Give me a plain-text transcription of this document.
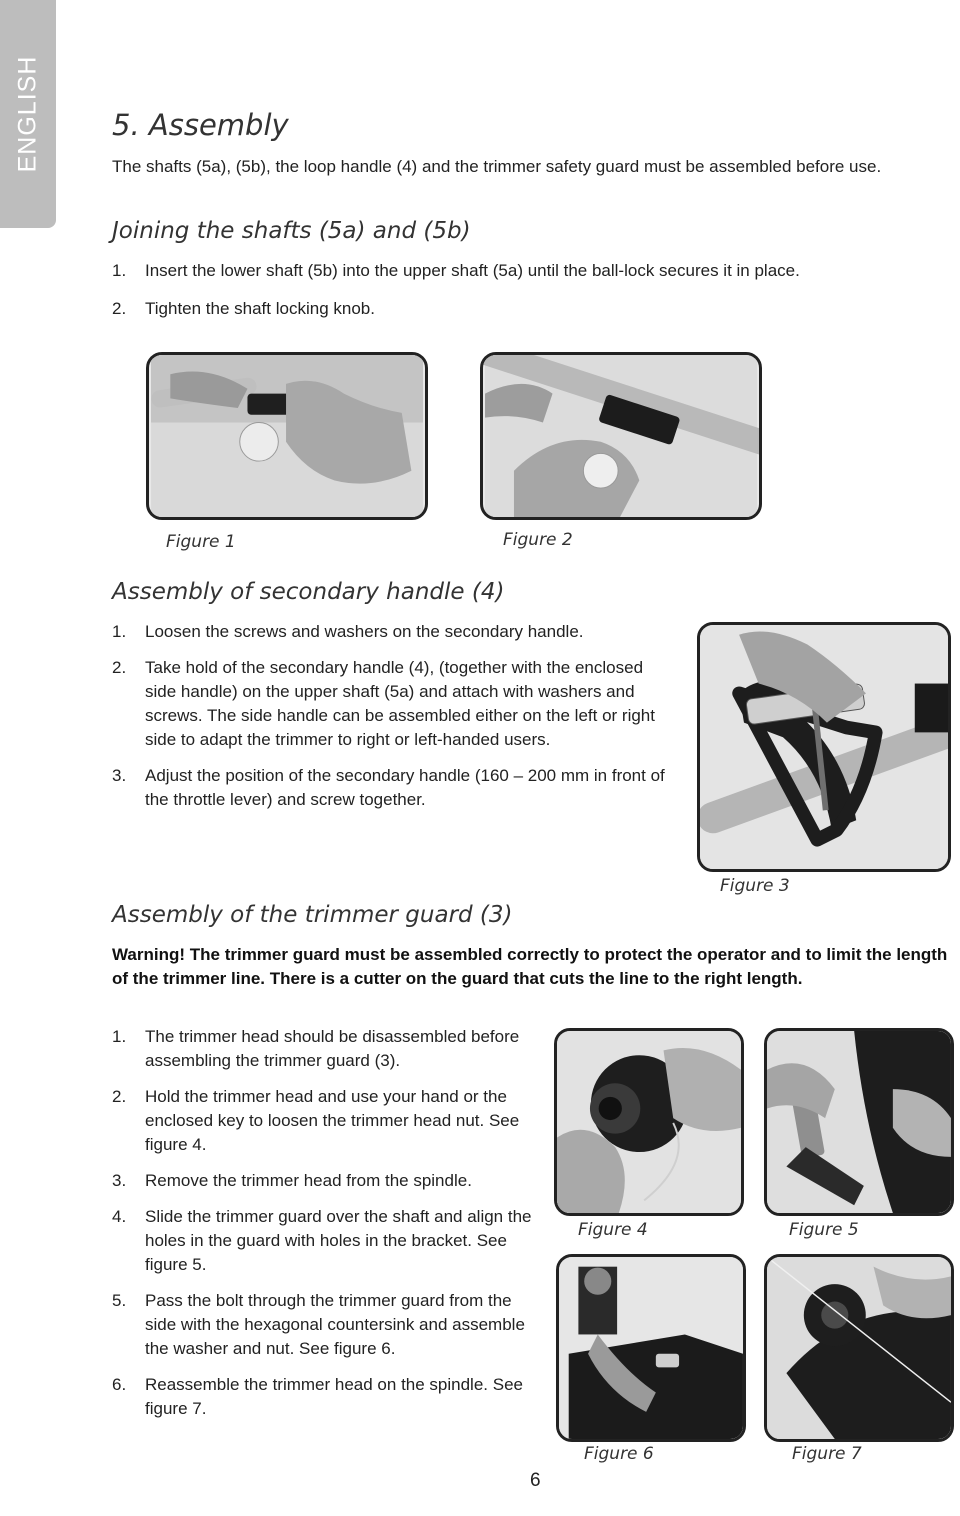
ENGLISH 5. Assembly
The shafts (5a), (5b), the loop handle (4) and the trimmer safety guard must be assembled before use.
Joining the shafts (5a) and (5b)
1. Insert the lower shaft (5b) into the upper shaft (5a) until the ball-lock secures it in place.
2. Tighten the shaft locking knob.
Figure 1	Figure 2
Assembly of secondary handle (4)
1. Loosen the screws and washers on the secondary handle.
2. Take hold of the secondary handle (4), (together with the enclosed side handle) on the upper shaft (5a) and attach with washers and screws. The side handle can be assembled either on the left or right side to adapt the trimmer to right or left-handed users.
3. Adjust the position of the secondary handle (160 – 200 mm in front of the throttle lever) and screw together.
Figure 3
Assembly of the trimmer guard (3)
Warning! The trimmer guard must be assembled correctly to protect the operator and to limit the length of the trimmer line. There is a cutter on the guard that cuts the line to the right length.
1. The trimmer head should be disassembled before assembling the trimmer guard (3).
2. Hold the trimmer head and use your hand or the enclosed key to loosen the trimmer head nut. See figure 4.
3. Remove the trimmer head from the spindle.
4. Slide the trimmer guard over the shaft and align the holes in the guard with holes in the bracket. See figure 5.
5. Pass the bolt through the trimmer guard from the side with the hexagonal countersink and assemble the washer and nut. See figure 6.
6. Reassemble the trimmer head on the spindle. See figure 7.
Figure 4	Figure 5
Figure 6	Figure 7
6
